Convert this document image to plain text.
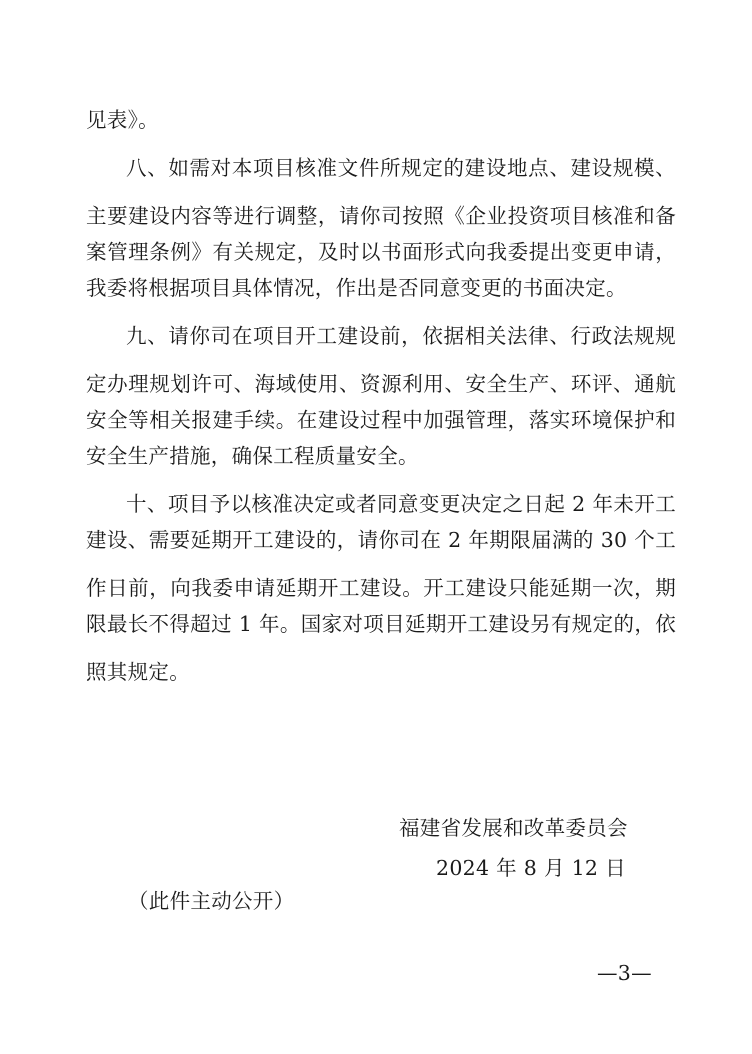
见表》。

八、如需对本项目核准文件所规定的建设地点、建设规模、

主要建设内容等进行调整，请你司按照《企业投资项目核准和备

案管理条例》有关规定，及时以书面形式向我委提出变更申请，

我委将根据项目具体情况，作出是否同意变更的书面决定。

九、请你司在项目开工建设前，依据相关法律、行政法规规

定办理规划许可、海域使用、资源利用、安全生产、环评、通航

安全等相关报建手续。在建设过程中加强管理，落实环境保护和

安全生产措施，确保工程质量安全。

十、项目予以核准决定或者同意变更决定之日起 2 年未开工

建设、需要延期开工建设的，请你司在 2 年期限届满的 30 个工

作日前，向我委申请延期开工建设。开工建设只能延期一次，期

限最长不得超过 1 年。国家对项目延期开工建设另有规定的，依

照其规定。

福建省发展和改革委员会
2024 年 8 月 12 日
（此件主动公开）
—3—
